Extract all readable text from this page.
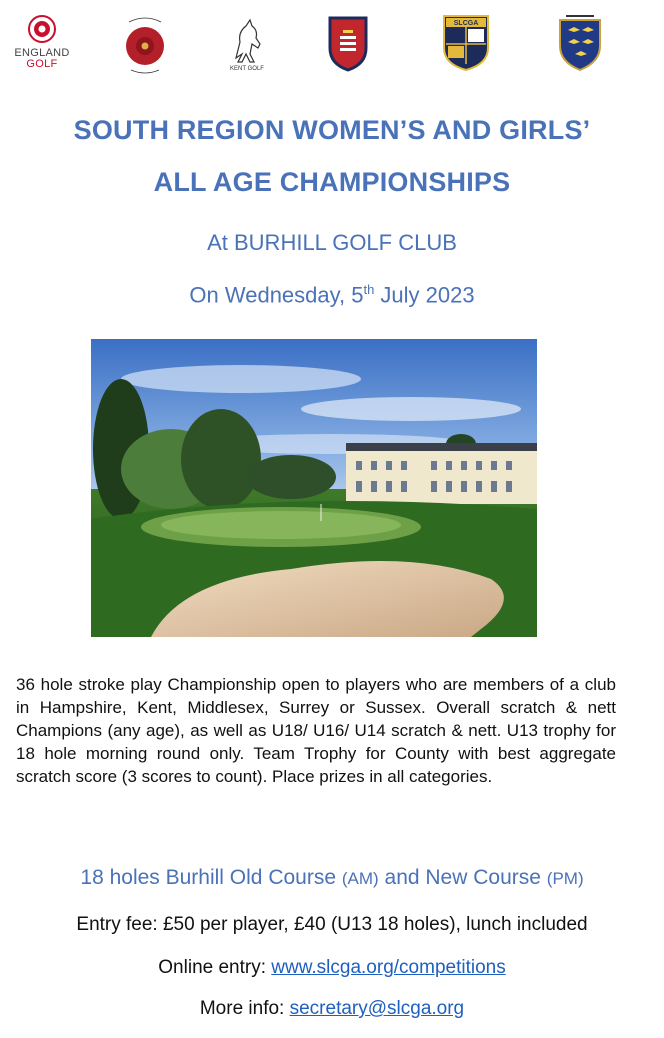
ENGLAND
GOLF	KENT GOLF
SLCGA
SOUTH REGION WOMEN’S AND GIRLS’
ALL AGE CHAMPIONSHIPS
At BURHILL GOLF CLUB
On Wednesday, 5th July 2023
36 hole stroke play Championship open to players who are members of a club in Hampshire, Kent, Middlesex, Surrey or Sussex. Overall scratch & nett Champions (any age), as well as U18/ U16/ U14 scratch & nett. U13 trophy for 18 hole morning round only. Team Trophy for County with best aggregate scratch score (3 scores to count). Place prizes in all categories.
18 holes Burhill Old Course (AM) and New Course (PM)
Entry fee: £50 per player, £40 (U13 18 holes), lunch included
Online entry: www.slcga.org/competitions
More info: secretary@slcga.org
